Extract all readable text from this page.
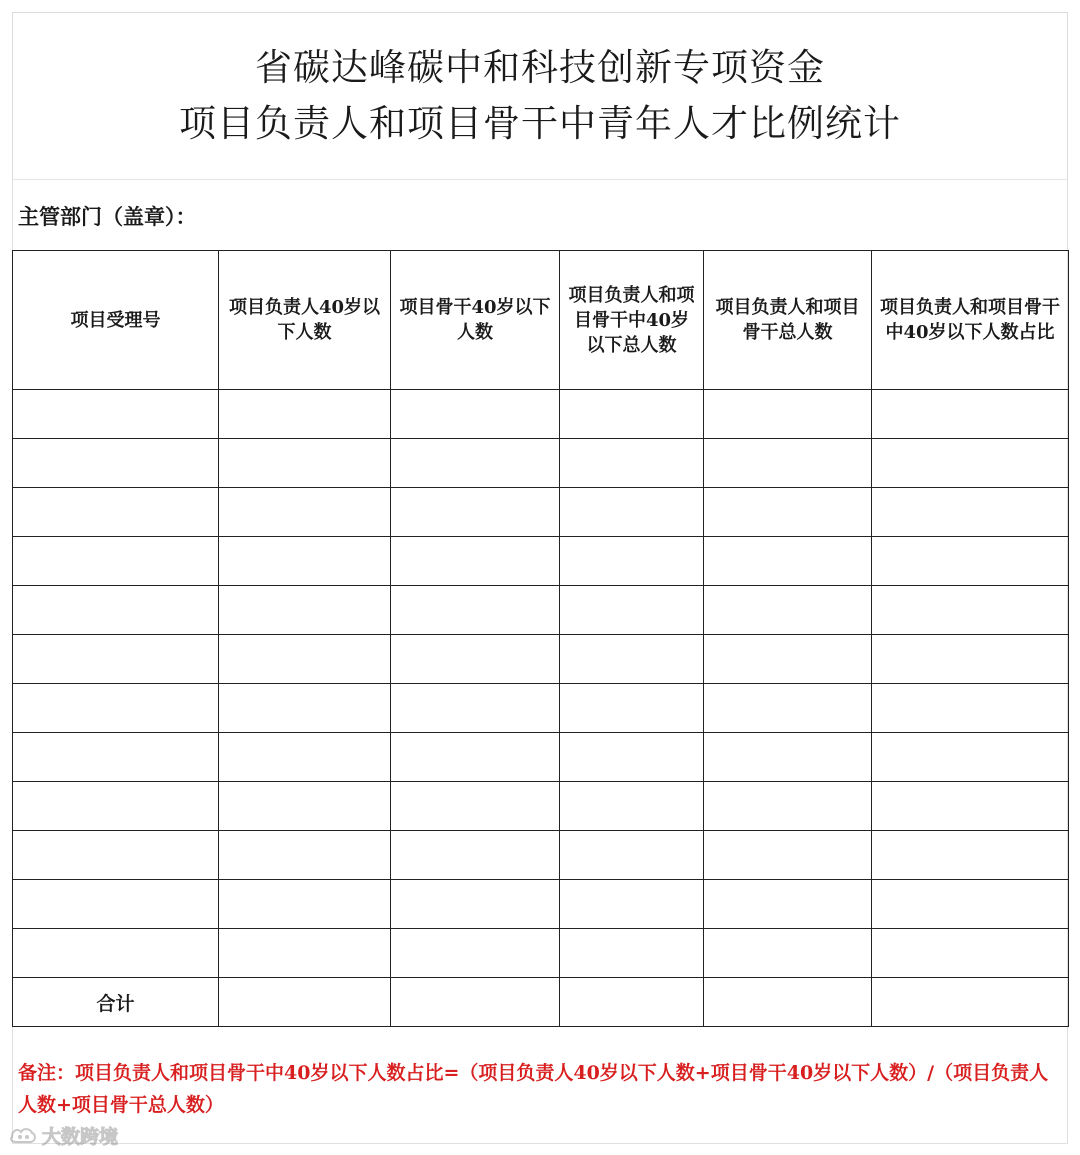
省碳达峰碳中和科技创新专项资金
项目负责人和项目骨干中青年人才比例统计
主管部门（盖章）：
项目受理号	项目负责人40岁以下人数	项目骨干40岁以下人数	项目负责人和项目骨干中40岁以下总人数	项目负责人和项目骨干总人数	项目负责人和项目骨干中40岁以下人数占比

合计					
备注：项目负责人和项目骨干中40岁以下人数占比=（项目负责人40岁以下人数+项目骨干40岁以下人数）/（项目负责人人数+项目骨干总人数）
大数跨境
